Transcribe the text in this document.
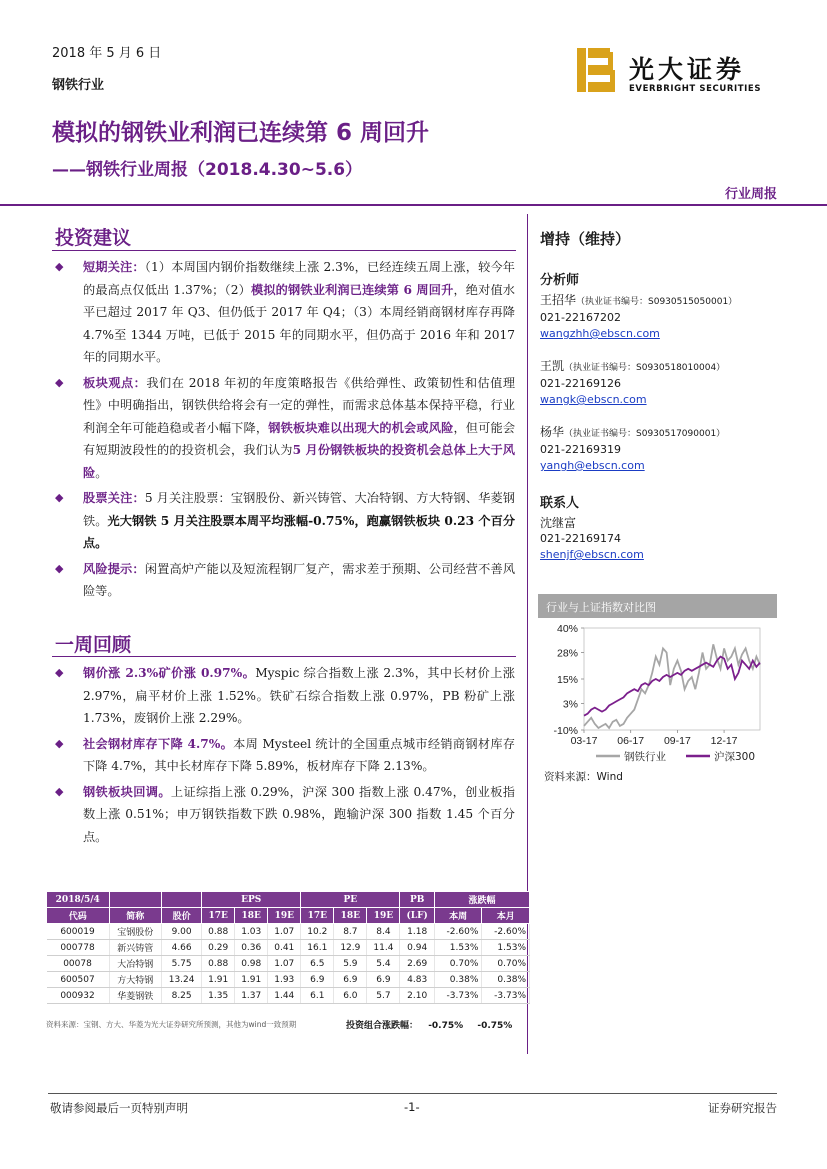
2018 年 5 月 6 日
钢铁行业
光大证券
EVERBRIGHT SECURITIES
模拟的钢铁业利润已连续第 6 周回升
——钢铁行业周报（2018.4.30~5.6）
行业周报
投资建议

◆ 短期关注：（1）本周国内钢价指数继续上涨 2.3%，已经连续五周上涨，较今年的最高点仅低出 1.37%；（2）模拟的钢铁业利润已连续第 6 周回升，绝对值水平已超过 2017 年 Q3、但仍低于 2017 年 Q4；（3）本周经销商钢材库存再降 4.7%至 1344 万吨，已低于 2015 年的同期水平，但仍高于 2016 年和 2017 年的同期水平。

◆ 板块观点：我们在 2018 年初的年度策略报告《供给弹性、政策韧性和估值理性》中明确指出，钢铁供给将会有一定的弹性，而需求总体基本保持平稳，行业利润全年可能趋稳或者小幅下降，钢铁板块难以出现大的机会或风险，但可能会有短期波段性的的投资机会，我们认为5 月份钢铁板块的投资机会总体上大于风险。

◆ 股票关注：5 月关注股票：宝钢股份、新兴铸管、大冶特钢、方大特钢、华菱钢铁。光大钢铁 5 月关注股票本周平均涨幅-0.75%，跑赢钢铁板块 0.23 个百分点。

◆ 风险提示：闲置高炉产能以及短流程钢厂复产，需求差于预期、公司经营不善风险等。

一周回顾

◆ 钢价涨 2.3%矿价涨 0.97%。Myspic 综合指数上涨 2.3%，其中长材价上涨 2.97%，扁平材价上涨 1.52%。铁矿石综合指数上涨 0.97%，PB 粉矿上涨 1.73%，废钢价上涨 2.29%。

◆ 社会钢材库存下降 4.7%。本周 Mysteel 统计的全国重点城市经销商钢材库存下降 4.7%，其中长材库存下降 5.89%，板材库存下降 2.13%。

◆ 钢铁板块回调。上证综指上涨 0.29%，沪深 300 指数上涨 0.47%，创业板指数上涨 0.51%；申万钢铁指数下跌 0.98%，跑输沪深 300 指数 1.45 个百分点。

增持（维持）
分析师
王招华（执业证书编号：S0930515050001）
021-22167202
wangzhh@ebscn.com
王凯（执业证书编号：S0930518010004）
021-22169126
wangk@ebscn.com
杨华（执业证书编号：S0930517090001）
021-22169319
yangh@ebscn.com
联系人
沈继富
021-22169174
shenjf@ebscn.com
行业与上证指数对比图
40%
28%
15%
3%
-10%
03-17 06-17 09-17 12-17
钢铁行业	沪深300
资料来源：Wind
2018/5/4			EPS			PE			PB	涨跌幅	
代码	简称	股价	17E	18E	19E	17E	18E	19E	(LF)	本周	本月
600019	宝钢股份	9.00	0.88	1.03	1.07	10.2	8.7	8.4	1.18	-2.60%	-2.60%
000778	新兴铸管	4.66	0.29	0.36	0.41	16.1	12.9	11.4	0.94	1.53%	1.53%
00078	大冶特钢	5.75	0.88	0.98	1.07	6.5	5.9	5.4	2.69	0.70%	0.70%
600507	方大特钢	13.24	1.91	1.91	1.93	6.9	6.9	6.9	4.83	0.38%	0.38%
000932	华菱钢铁	8.25	1.35	1.37	1.44	6.1	6.0	5.7	2.10	-3.73%	-3.73%
资料来源：宝钢、方大、华菱为光大证券研究所预测，其他为wind一致预期	投资组合涨跌幅： -0.75% -0.75%
敬请参阅最后一页特别声明	-1-	证券研究报告
